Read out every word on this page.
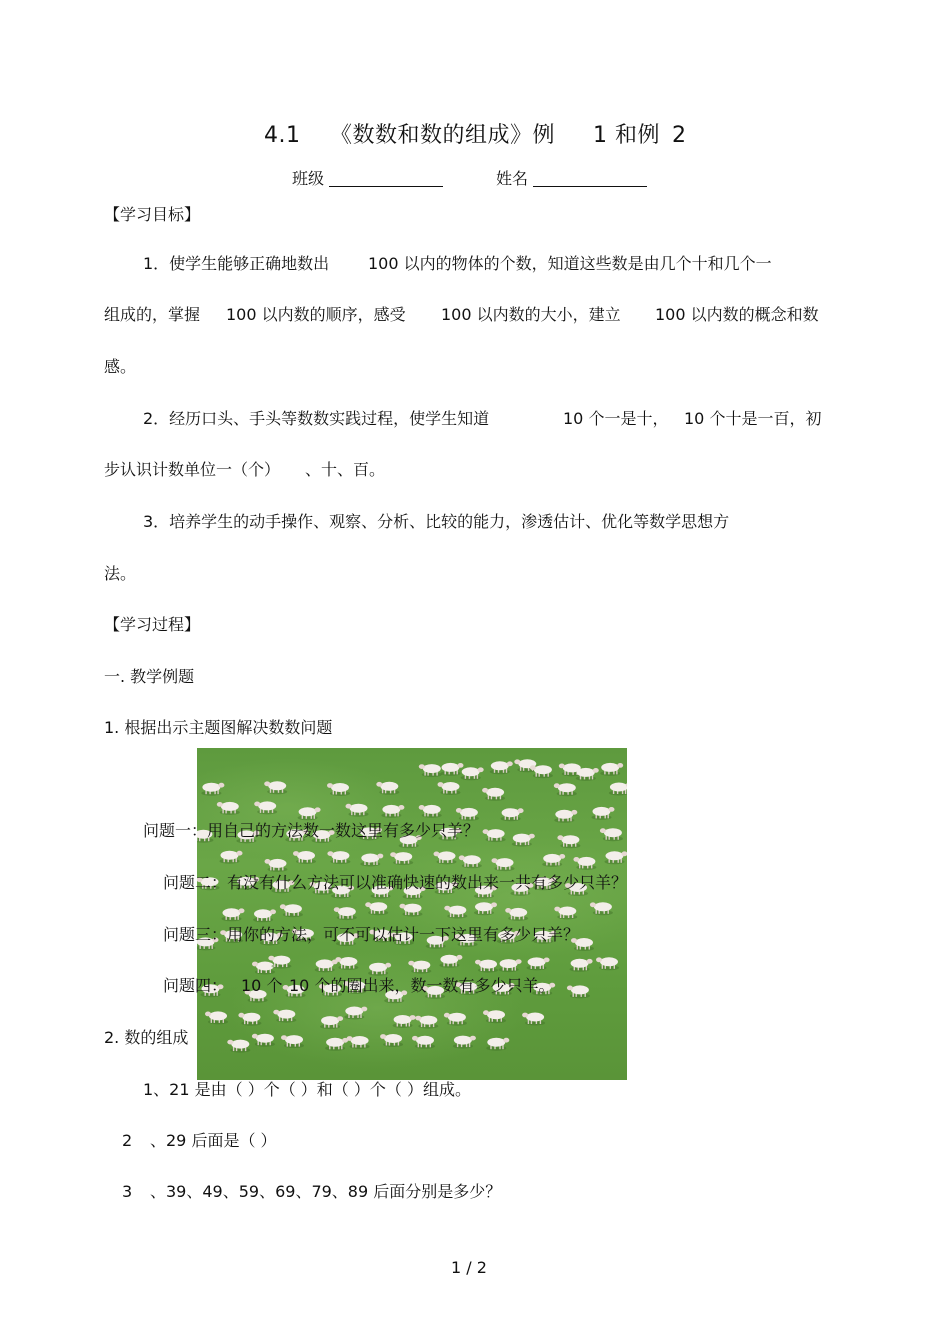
4.1 《数数和数的组成》例 1 和例 2
班级	姓名
【学习目标】
1．使学生能够正确地数出 100 以内的物体的个数，知道这些数是由几个十和几个一
组成的，掌握 100 以内数的顺序，感受 100 以内数的大小，建立 100 以内数的概念和数
感。
2．经历口头、手头等数数实践过程，使学生知道	10 个一是十， 10 个十是一百，初
步认识计数单位一（个） 、十、百。
3．培养学生的动手操作、观察、分析、比较的能力，渗透估计、优化等数学思想方
法。
【学习过程】
一. 教学例题
1. 根据出示主题图解决数数问题
问题一：用自己的方法数一数这里有多少只羊？
问题二：有没有什么方法可以准确快速的数出来一共有多少只羊？
问题三：用你的方法，可不可以估计一下这里有多少只羊？
问题四： 10 个 10 个的圈出来，数一数有多少只羊。
2. 数的组成
1、21 是由（ ）个（ ）和（ ）个（ ）组成。
2 、29 后面是（ ）
3 、39、49、59、69、79、89 后面分别是多少？
1 / 2
